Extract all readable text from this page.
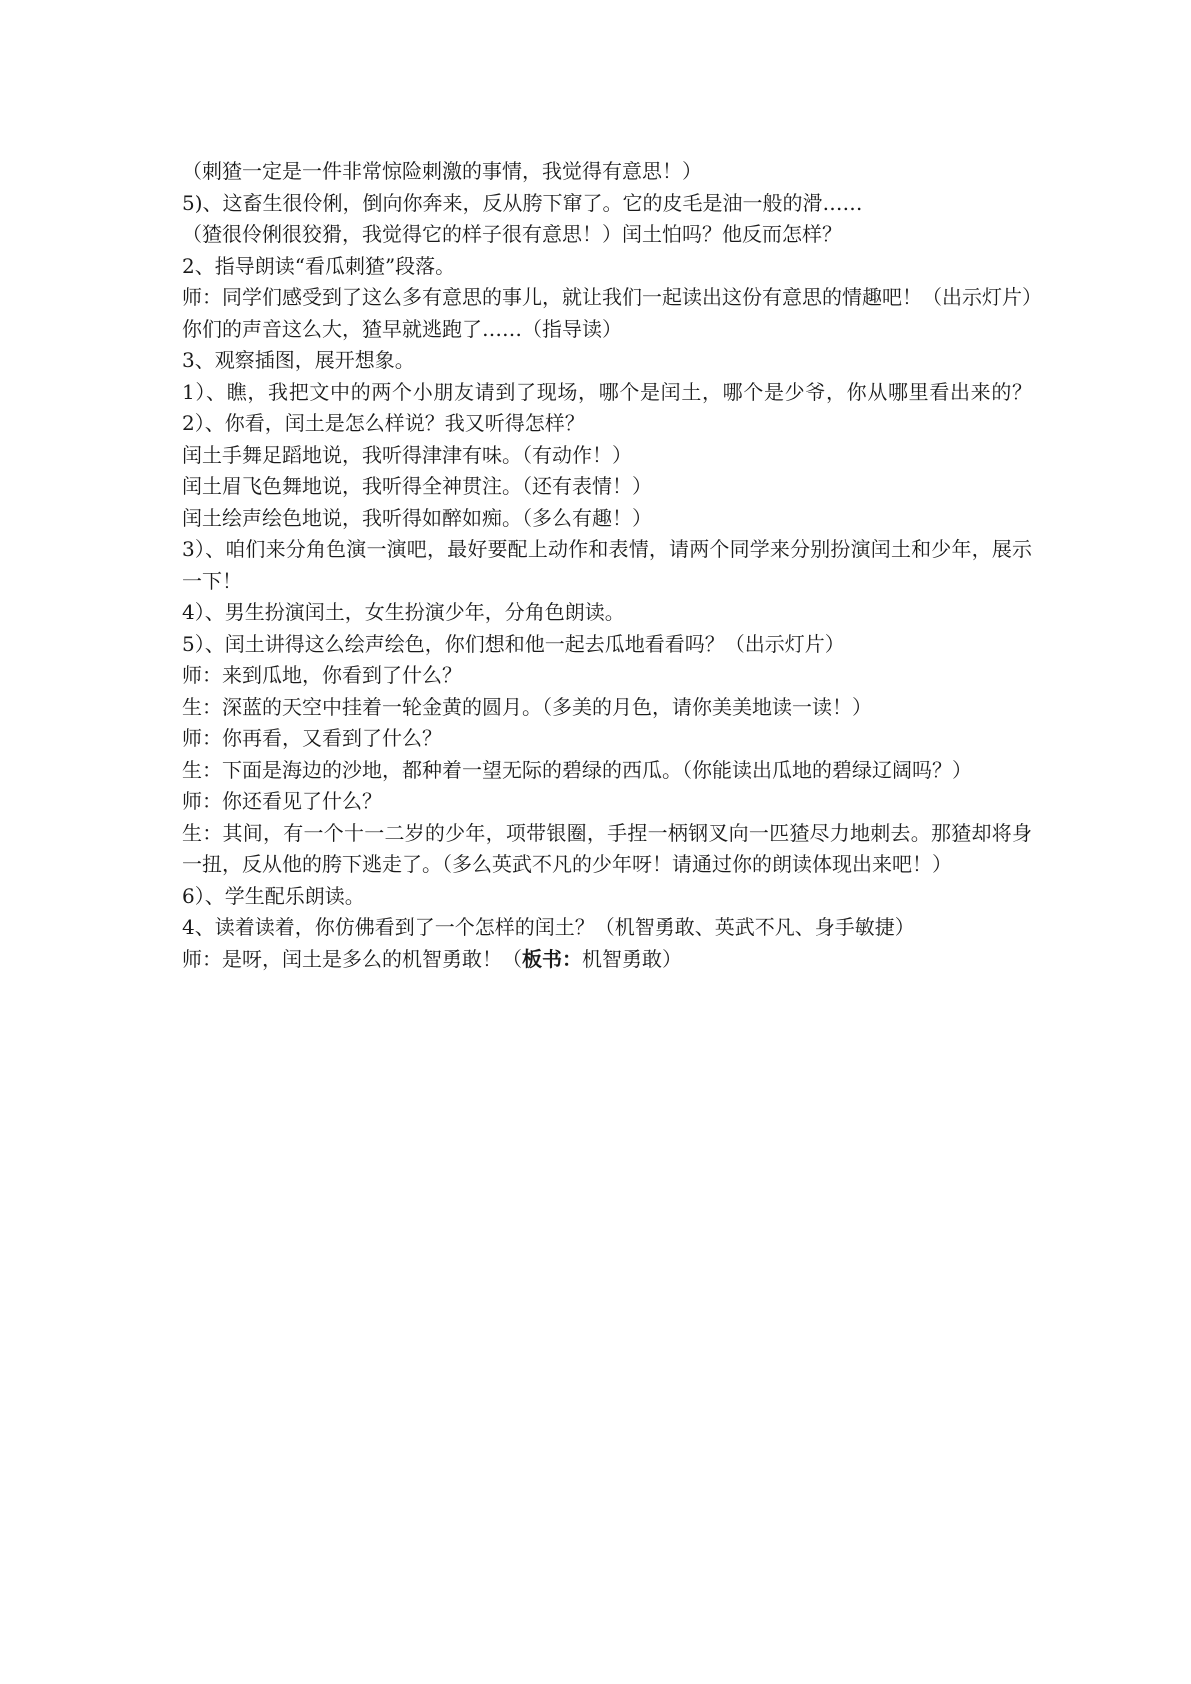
（刺猹一定是一件非常惊险刺激的事情，我觉得有意思！）

5)、这畜生很伶俐，倒向你奔来，反从胯下窜了。它的皮毛是油一般的滑……

（猹很伶俐很狡猾，我觉得它的样子很有意思！）闰土怕吗？他反而怎样？

2、指导朗读“看瓜刺猹”段落。

师：同学们感受到了这么多有意思的事儿，就让我们一起读出这份有意思的情趣吧！（出示灯片）你们的声音这么大，猹早就逃跑了……（指导读）

3、观察插图，展开想象。

1）、瞧，我把文中的两个小朋友请到了现场，哪个是闰土，哪个是少爷，你从哪里看出来的？2）、你看，闰土是怎么样说？我又听得怎样？

闰土手舞足蹈地说，我听得津津有味。（有动作！）

闰土眉飞色舞地说，我听得全神贯注。（还有表情！）

闰土绘声绘色地说，我听得如醉如痴。（多么有趣！）

3）、咱们来分角色演一演吧，最好要配上动作和表情，请两个同学来分别扮演闰土和少年，展示一下！

4）、男生扮演闰土，女生扮演少年，分角色朗读。

5）、闰土讲得这么绘声绘色，你们想和他一起去瓜地看看吗？（出示灯片）

师：来到瓜地，你看到了什么？

生：深蓝的天空中挂着一轮金黄的圆月。（多美的月色，请你美美地读一读！）

师：你再看，又看到了什么？

生：下面是海边的沙地，都种着一望无际的碧绿的西瓜。（你能读出瓜地的碧绿辽阔吗？）

师：你还看见了什么？

生：其间，有一个十一二岁的少年，项带银圈，手捏一柄钢叉向一匹猹尽力地刺去。那猹却将身一扭，反从他的胯下逃走了。（多么英武不凡的少年呀！请通过你的朗读体现出来吧！）

6）、学生配乐朗读。

4、读着读着，你仿佛看到了一个怎样的闰土？（机智勇敢、英武不凡、身手敏捷）

师：是呀，闰土是多么的机智勇敢！（板书：机智勇敢）
